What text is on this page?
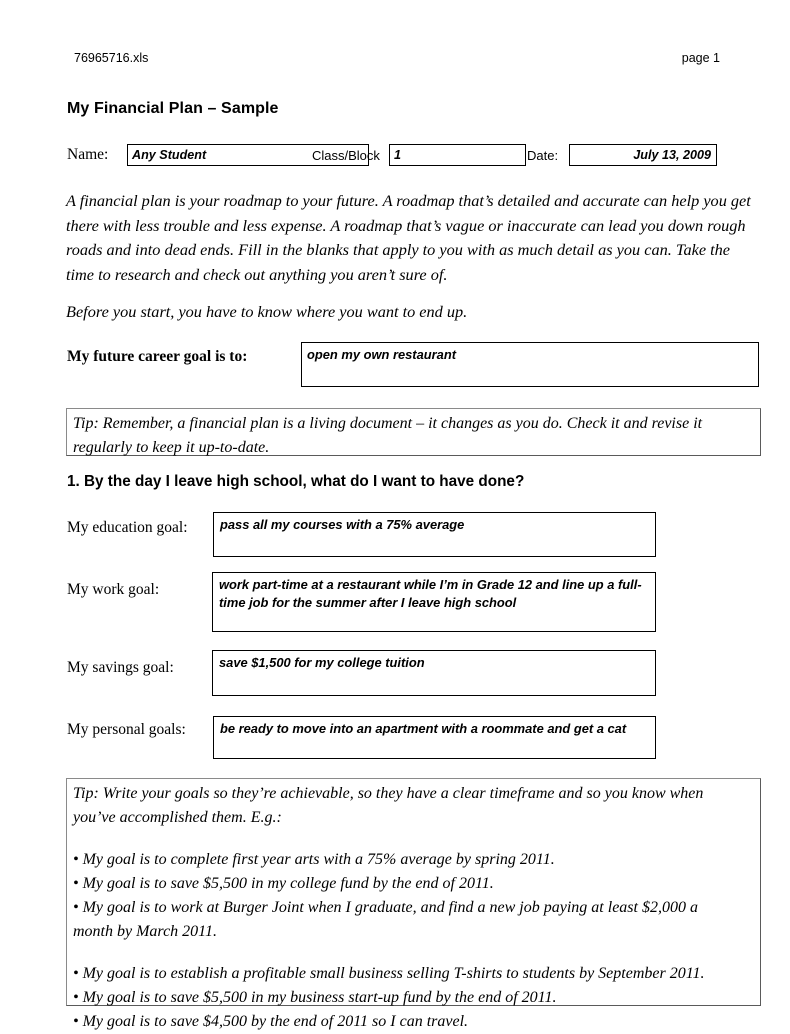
76965716.xls	page 1
My Financial Plan – Sample
Name:	Any Student	Class/Block	1	Date:	July 13, 2009
A financial plan is your roadmap to your future. A roadmap that’s detailed and accurate can help you get there with less trouble and less expense. A roadmap that’s vague or inaccurate can lead you down rough roads and into dead ends. Fill in the blanks that apply to you with as much detail as you can. Take the time to research and check out anything you aren’t sure of.
Before you start, you have to know where you want to end up.
My future career goal is to:	open my own restaurant
Tip: Remember, a financial plan is a living document – it changes as you do. Check it and revise it regularly to keep it up-to-date.
1. By the day I leave high school, what do I want to have done?
My education goal:	pass all my courses with a 75% average
My work goal:	work part-time at a restaurant while I’m in Grade 12 and line up a full-time job for the summer after I leave high school
My savings goal:	save $1,500 for my college tuition
My personal goals:	be ready to move into an apartment with a roommate and get a cat

Tip: Write your goals so they’re achievable, so they have a clear timeframe and so you know when

you’ve accomplished them. E.g.:

• My goal is to complete first year arts with a 75% average by spring 2011.

• My goal is to save $5,500 in my college fund by the end of 2011.

• My goal is to work at Burger Joint when I graduate, and find a new job paying at least $2,000 a

month by March 2011.

• My goal is to establish a profitable small business selling T-shirts to students by September 2011.

• My goal is to save $5,500 in my business start-up fund by the end of 2011.

• My goal is to save $4,500 by the end of 2011 so I can travel.
